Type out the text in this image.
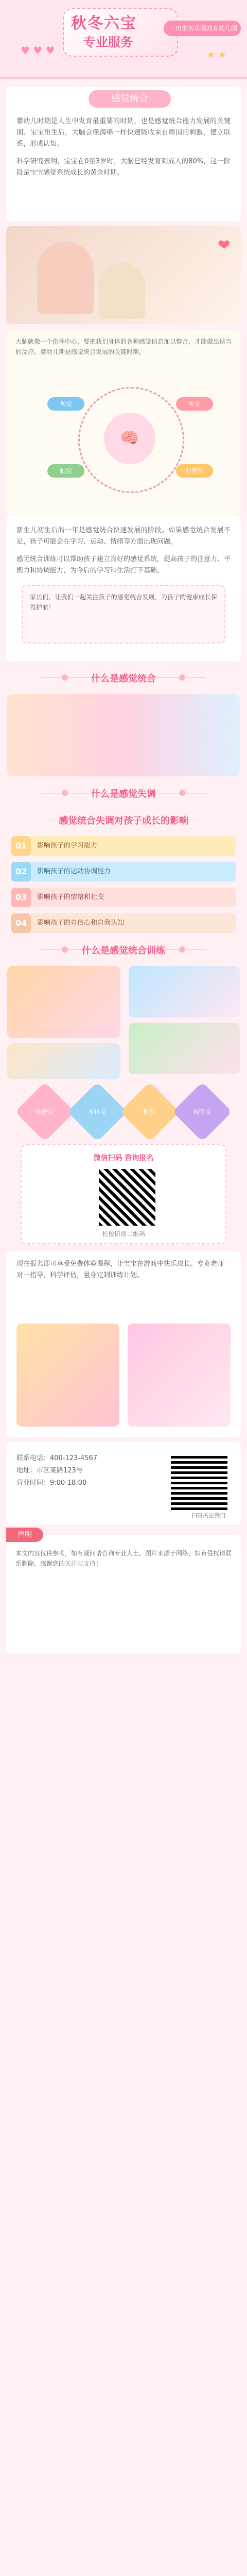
秋冬六宝
专业服务
一 出生名乐园教育幼儿园 一
♥ ♥ ♥	★ ★
感觉统合
婴幼儿时期是人生中发育最重要的时期，也是感觉统合能力发展的关键期。宝宝出生后，大脑会像海绵一样快速吸收来自周围的刺激，建立联系，形成认知。
科学研究表明，宝宝在0至3岁时，大脑已经发育到成人的80%，这一阶段是宝宝感觉系统成长的黄金时期。
❤
大脑就像一个指挥中心，要把我们身体的各种感觉信息加以整合，才能做出适当的反应。婴幼儿期是感觉统合发展的关键时期。
🧠
视觉	听觉
触觉	前庭觉
新生儿初生后的一年是感觉统合快速发展的阶段。如果感觉统合发展不足，孩子可能会在学习、运动、情绪等方面出现问题。
感觉统合训练可以帮助孩子建立良好的感觉系统，提高孩子的注意力、平衡力和协调能力，为今后的学习和生活打下基础。
家长们，让我们一起关注孩子的感觉统合发展，为孩子的健康成长保驾护航！
什么是感觉统合
什么是感觉失调
感觉统合失调对孩子成长的影响
01	影响孩子的学习能力
02	影响孩子的运动协调能力
03	影响孩子的情绪和社交
04	影响孩子的自信心和自我认知
什么是感觉统合训练
前庭觉	本体觉	触觉	视听觉
微信扫码 咨询报名
长按识别二维码
现在报名即可享受免费体验课程，让宝宝在游戏中快乐成长。专业老师一对一指导，科学评估，量身定制训练计划。
联系电话：400-123-4567
地址：市区某路123号
营业时间：9:00-18:00
扫码关注我们
声明
本文内容仅供参考，如有疑问请咨询专业人士。图片来源于网络，如有侵权请联系删除。感谢您的关注与支持！
